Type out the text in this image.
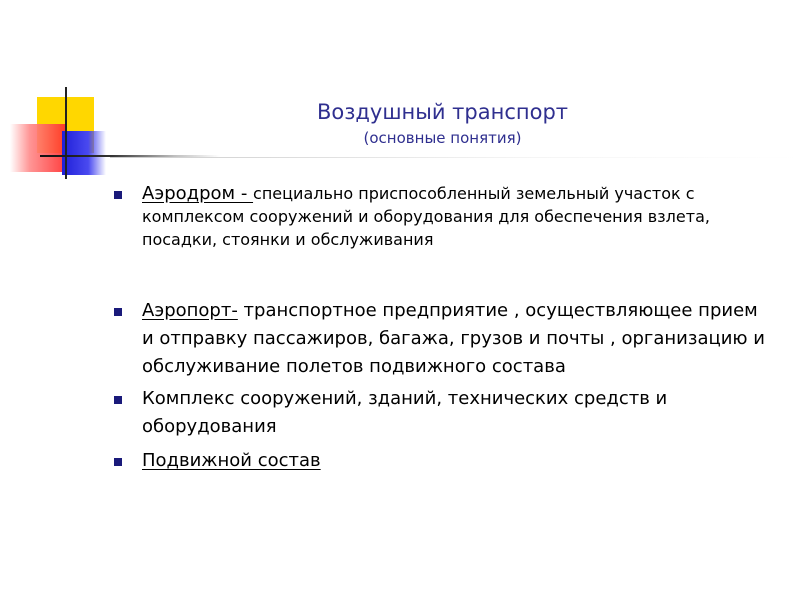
Воздушный транспорт
(основные понятия)
Аэродром - специально приспособленный земельный участок с комплексом сооружений и оборудования для обеспечения взлета, посадки, стоянки и обслуживания
Аэропорт- транспортное предприятие , осуществляющее прием и отправку пассажиров, багажа, грузов и почты , организацию и обслуживание полетов подвижного состава
Комплекс сооружений, зданий, технических средств и оборудования
Подвижной состав
